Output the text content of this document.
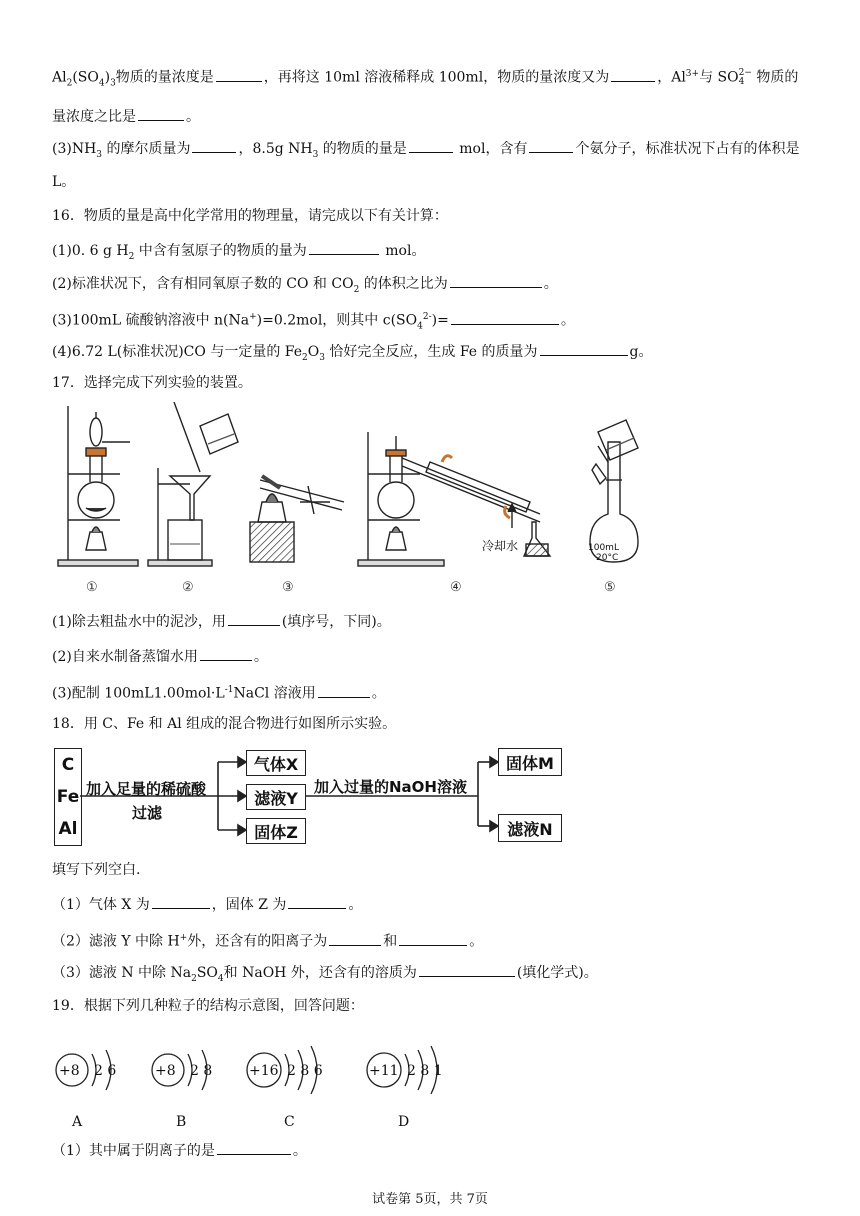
$Al_2(SO_4)_3$物质的量浓度是	，再将这 10ml 溶液稀释成 100ml，物质的量浓度又为	，$Al^{3+}$与 SO2−
4 物质的
量浓度之比是	。
$(3)NH_3$ 的摩尔质量为	，8.5g $NH_3$ 的物质的量是	mol，含有	个氨分子，标准状况下占有的体积是
L。
16．物质的量是高中化学常用的物理量，请完成以下有关计算：
(1)0. 6 g $H_2$ 中含有氢原子的物质的量为	mol。
(2)标准状况下，含有相同氧原子数的 CO 和 $CO_2$ 的体积之比为	。
(3)100mL 硫酸钠溶液中 n(Na+)=0.2mol，则其中 $c(SO_4^{2-})=$	。
(4)6.72 L(标准状况)CO 与一定量的 $Fe_2O_3$ 恰好完全反应，生成 Fe 的质量为	g。
17．选择完成下列实验的装置。
100mL
20°C
冷却水
①	②	③	④	⑤
(1)除去粗盐水中的泥沙，用	(填序号，下同)。
(2)自来水制备蒸馏水用	。
(3)配制 $100mL1.00mol\cdot L^{-1}NaCl$ 溶液用	。
18．用 C、Fe 和 Al 组成的混合物进行如图所示实验。
C
Fe
Al
加入足量的稀硫酸
过滤
气体X
滤液Y
固体Z
加入过量的NaOH溶液
固体M
滤液N
填写下列空白.
（1）气体 X 为	，固体 Z 为	。
（2）滤液 Y 中除 H+外，还含有的阳离子为	和	。
（3）滤液 N 中除 $Na_2SO_4$和 NaOH 外，还含有的溶质为	(填化学式)。
19．根据下列几种粒子的结构示意图，回答问题：
+8 2 6	+8 2 8	+16 2 8 6	+11 2 8 1
A	B	C	D
（1）其中属于阴离子的是	。
试卷第 5页，共 7页
